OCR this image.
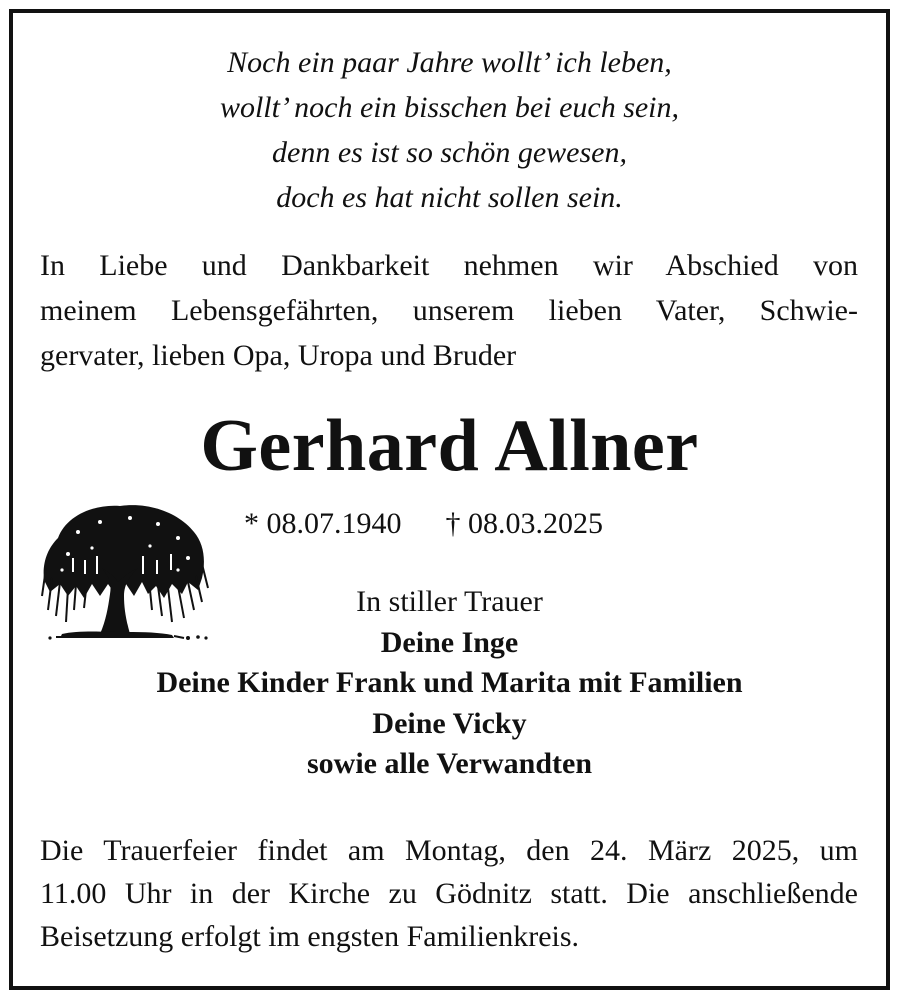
Noch ein paar Jahre wollt’ ich leben,
wollt’ noch ein bisschen bei euch sein,
denn es ist so schön gewesen,
doch es hat nicht sollen sein.
In Liebe und Dankbarkeit nehmen wir Abschied von
meinem Lebensgefährten, unserem lieben Vater, Schwie-
gervater, lieben Opa, Uropa und Bruder
Gerhard Allner
* 08.07.1940 † 08.03.2025
In stiller Trauer
Deine Inge
Deine Kinder Frank und Marita mit Familien
Deine Vicky
sowie alle Verwandten
Die Trauerfeier findet am Montag, den 24. März 2025, um
11.00 Uhr in der Kirche zu Gödnitz statt. Die anschließende
Beisetzung erfolgt im engsten Familienkreis.
